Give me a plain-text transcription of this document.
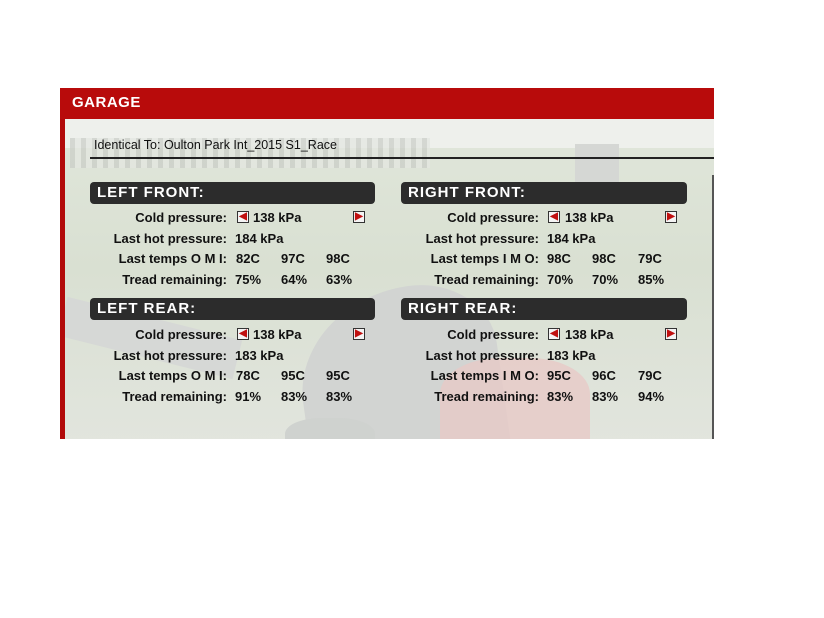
GARAGE
Identical To: Oulton Park Int_2015 S1_Race
LEFT FRONT:
Cold pressure: ◀ 138 kPa	▶
Last hot pressure: 184 kPa
Last temps O M I: 82C 97C 98C
Tread remaining: 75% 64% 63%
RIGHT FRONT:
Cold pressure: ◀ 138 kPa	▶
Last hot pressure: 184 kPa
Last temps I M O: 98C 98C 79C
Tread remaining: 70% 70% 85%
LEFT REAR:
Cold pressure: ◀ 138 kPa	▶
Last hot pressure: 183 kPa
Last temps O M I: 78C 95C 95C
Tread remaining: 91% 83% 83%
RIGHT REAR:
Cold pressure: ◀ 138 kPa	▶
Last hot pressure: 183 kPa
Last temps I M O: 95C 96C 79C
Tread remaining: 83% 83% 94%
